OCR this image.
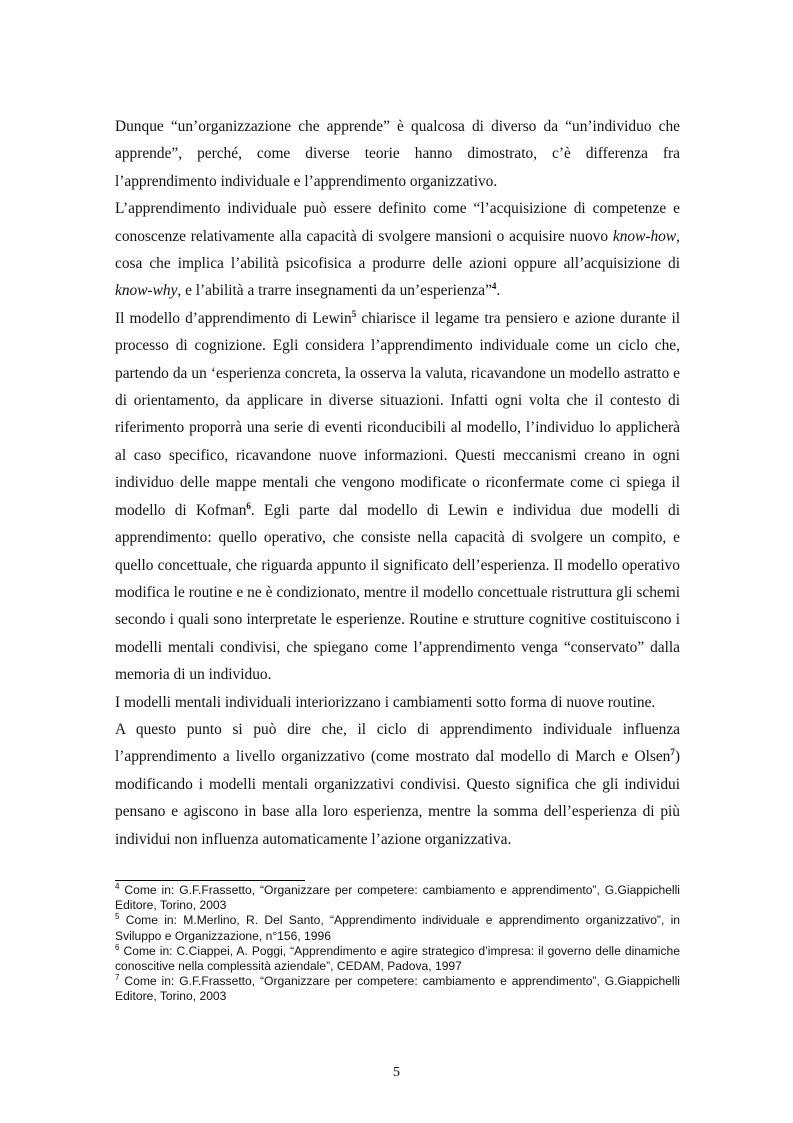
Dunque “un’organizzazione che apprende” è qualcosa di diverso da “un’individuo che apprende”, perché, come diverse teorie hanno dimostrato, c’è differenza fra l’apprendimento individuale e l’apprendimento organizzativo.

L’apprendimento individuale può essere definito come “l’acquisizione di competenze e conoscenze relativamente alla capacità di svolgere mansioni o acquisire nuovo know-how, cosa che implica l’abilità psicofisica a produrre delle azioni oppure all’acquisizione di know-why, e l’abilità a trarre insegnamenti da un’esperienza”$^4$.

Il modello d’apprendimento di Lewin$^5$ chiarisce il legame tra pensiero e azione durante il processo di cognizione. Egli considera l’apprendimento individuale come un ciclo che, partendo da un ‘esperienza concreta, la osserva la valuta, ricavandone un modello astratto e di orientamento, da applicare in diverse situazioni. Infatti ogni volta che il contesto di riferimento proporrà una serie di eventi riconducibili al modello, l’individuo lo applicherà al caso specifico, ricavandone nuove informazioni. Questi meccanismi creano in ogni individuo delle mappe mentali che vengono modificate o riconfermate come ci spiega il modello di Kofman$^6$. Egli parte dal modello di Lewin e individua due modelli di apprendimento: quello operativo, che consiste nella capacità di svolgere un compito, e quello concettuale, che riguarda appunto il significato dell’esperienza. Il modello operativo modifica le routine e ne è condizionato, mentre il modello concettuale ristruttura gli schemi secondo i quali sono interpretate le esperienze. Routine e strutture cognitive costituiscono i modelli mentali condivisi, che spiegano come l’apprendimento venga “conservato” dalla memoria di un individuo.

I modelli mentali individuali interiorizzano i cambiamenti sotto forma di nuove routine.

A questo punto si può dire che, il ciclo di apprendimento individuale influenza l’apprendimento a livello organizzativo (come mostrato dal modello di March e Olsen$^7$) modificando i modelli mentali organizzativi condivisi. Questo significa che gli individui pensano e agiscono in base alla loro esperienza, mentre la somma dell’esperienza di più individui non influenza automaticamente l’azione organizzativa.

$^4$ Come in: G.F.Frassetto, “Organizzare per competere: cambiamento e apprendimento”, G.Giappichelli Editore, Torino, 2003

$^5$ Come in: M.Merlino, R. Del Santo, “Apprendimento individuale e apprendimento organizzativo”, in Sviluppo e Organizzazione, n°156, 1996

$^6$ Come in: C.Ciappei, A. Poggi, “Apprendimento e agire strategico d’impresa: il governo delle dinamiche conoscitive nella complessità aziendale”, CEDAM, Padova, 1997

$^7$ Come in: G.F.Frassetto, “Organizzare per competere: cambiamento e apprendimento”, G.Giappichelli Editore, Torino, 2003

5
